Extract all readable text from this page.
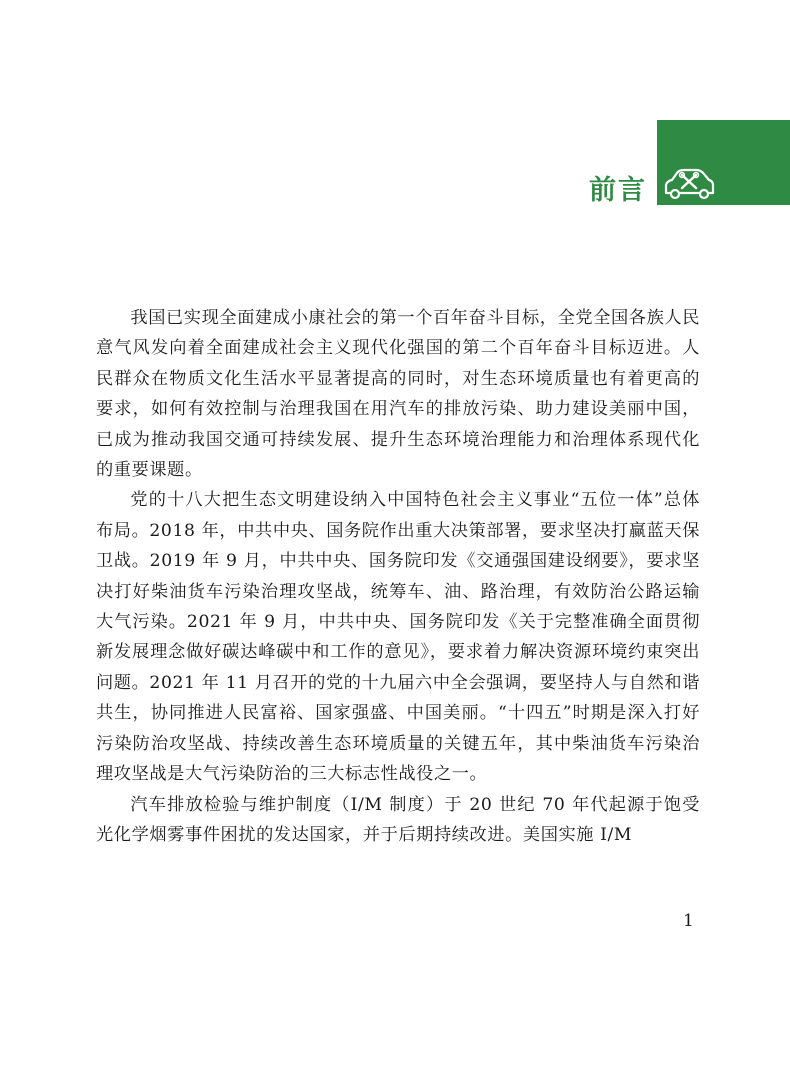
前言

我国已实现全面建成小康社会的第一个百年奋斗目标，全党全国各族人民意气风发向着全面建成社会主义现代化强国的第二个百年奋斗目标迈进。人民群众在物质文化生活水平显著提高的同时，对生态环境质量也有着更高的要求，如何有效控制与治理我国在用汽车的排放污染、助力建设美丽中国，已成为推动我国交通可持续发展、提升生态环境治理能力和治理体系现代化的重要课题。

党的十八大把生态文明建设纳入中国特色社会主义事业“五位一体”总体布局。2018 年，中共中央、国务院作出重大决策部署，要求坚决打赢蓝天保卫战。2019 年 9 月，中共中央、国务院印发《交通强国建设纲要》，要求坚决打好柴油货车污染治理攻坚战，统筹车、油、路治理，有效防治公路运输大气污染。2021 年 9 月，中共中央、国务院印发《关于完整准确全面贯彻新发展理念做好碳达峰碳中和工作的意见》，要求着力解决资源环境约束突出问题。2021 年 11 月召开的党的十九届六中全会强调，要坚持人与自然和谐共生，协同推进人民富裕、国家强盛、中国美丽。“十四五”时期是深入打好污染防治攻坚战、持续改善生态环境质量的关键五年，其中柴油货车污染治理攻坚战是大气污染防治的三大标志性战役之一。

汽车排放检验与维护制度（I/M 制度）于 20 世纪 70 年代起源于饱受光化学烟雾事件困扰的发达国家，并于后期持续改进。美国实施 I/M

1
